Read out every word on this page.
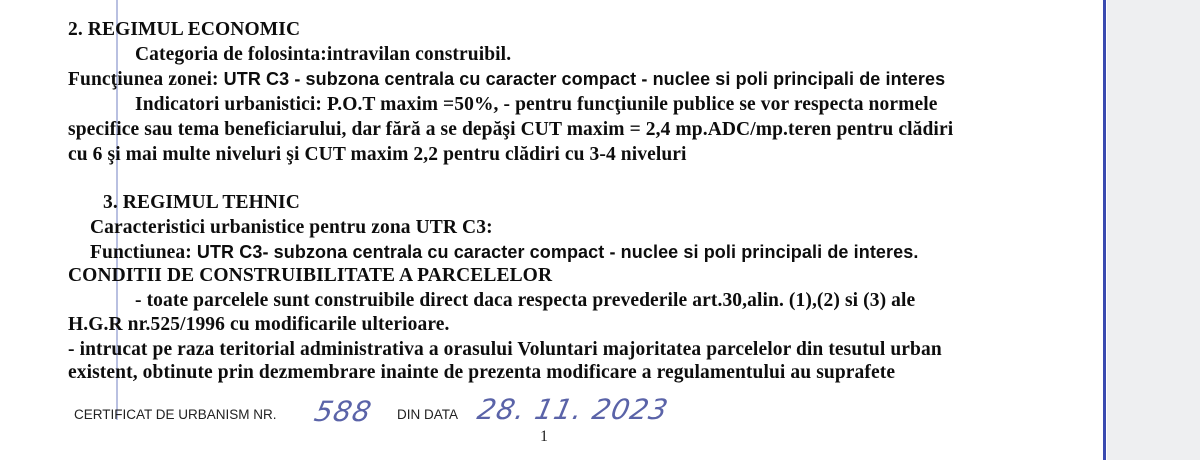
2. REGIMUL ECONOMIC
Categoria de folosinta:intravilan construibil.
Funcţiunea zonei: UTR C3 - subzona centrala cu caracter compact - nuclee si poli principali de interes
Indicatori urbanistici: P.O.T maxim =50%, - pentru funcţiunile publice se vor respecta normele
specifice sau tema beneficiarului, dar fără a se depăşi CUT maxim = 2,4 mp.ADC/mp.teren pentru clădiri
cu 6 şi mai multe niveluri şi CUT maxim 2,2 pentru clădiri cu 3-4 niveluri
3. REGIMUL TEHNIC
Caracteristici urbanistice pentru zona UTR C3:
Functiunea: UTR C3- subzona centrala cu caracter compact - nuclee si poli principali de interes.
CONDITII DE CONSTRUIBILITATE A PARCELELOR
- toate parcelele sunt construibile direct daca respecta prevederile art.30,alin. (1),(2) si (3) ale
H.G.R nr.525/1996 cu modificarile ulterioare.
- intrucat pe raza teritorial administrativa a orasului Voluntari majoritatea parcelelor din tesutul urban
existent, obtinute prin dezmembrare inainte de prezenta modificare a regulamentului au suprafete
CERTIFICAT DE URBANISM NR. 588 DIN DATA 28. 11. 2023
1
